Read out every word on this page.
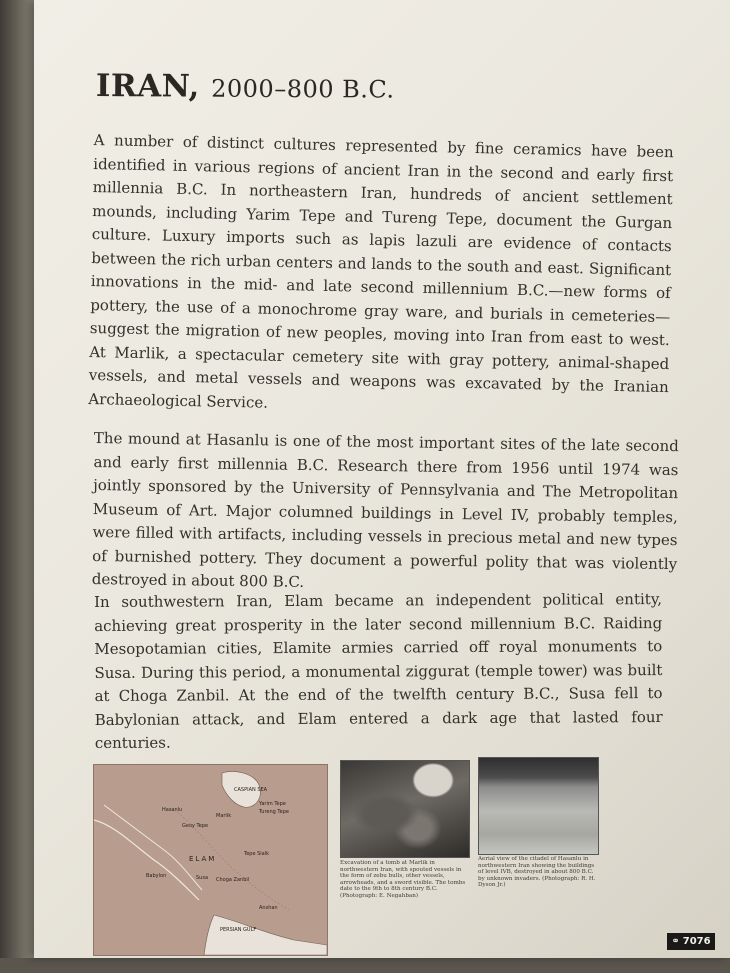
IRAN, 2000–800 B.C.

A number of distinct cultures represented by fine ceramics have been identified in various regions of ancient Iran in the second and early first millennia B.C. In northeastern Iran, hundreds of ancient settlement mounds, including Yarim Tepe and Tureng Tepe, document the Gurgan culture. Luxury imports such as lapis lazuli are evidence of contacts between the rich urban centers and lands to the south and east. Significant innovations in the mid- and late second millennium B.C.—new forms of pottery, the use of a monochrome gray ware, and burials in cemeteries—suggest the migration of new peoples, moving into Iran from east to west. At Marlik, a spectacular cemetery site with gray pottery, animal-shaped vessels, and metal vessels and weapons was excavated by the Iranian Archaeological Service.

The mound at Hasanlu is one of the most important sites of the late second and early first millennia B.C. Research there from 1956 until 1974 was jointly sponsored by the University of Pennsylvania and The Metropolitan Museum of Art. Major columned buildings in Level IV, probably temples, were filled with artifacts, including vessels in precious metal and new types of burnished pottery. They document a powerful polity that was violently destroyed in about 800 B.C.

In southwestern Iran, Elam became an independent political entity, achieving great prosperity in the later second millennium B.C. Raiding Mesopotamian cities, Elamite armies carried off royal monuments to Susa. During this period, a monumental ziggurat (temple tower) was built at Choga Zanbil. At the end of the twelfth century B.C., Susa fell to Babylonian attack, and Elam entered a dark age that lasted four centuries.

CASPIAN SEA
Hasanlu
Marlik
Yarim Tepe
Tureng Tepe
Geoy Tepe
Tepe Sialk
ELAM
Babylon	Susa Choga Zanbil
Anshan
PERSIAN GULF
Excavation of a tomb at Marlik in northwestern Iran, with spouted vessels in the form of zebu bulls, other vessels, arrowheads, and a sword visible. The tombs date to the 9th to 8th century B.C. (Photograph: E. Negahban)
Aerial view of the citadel of Hasanlu in northwestern Iran showing the buildings of level IVB, destroyed in about 800 B.C. by unknown invaders. (Photograph: R. H. Dyson Jr.)
⚭ 7076
